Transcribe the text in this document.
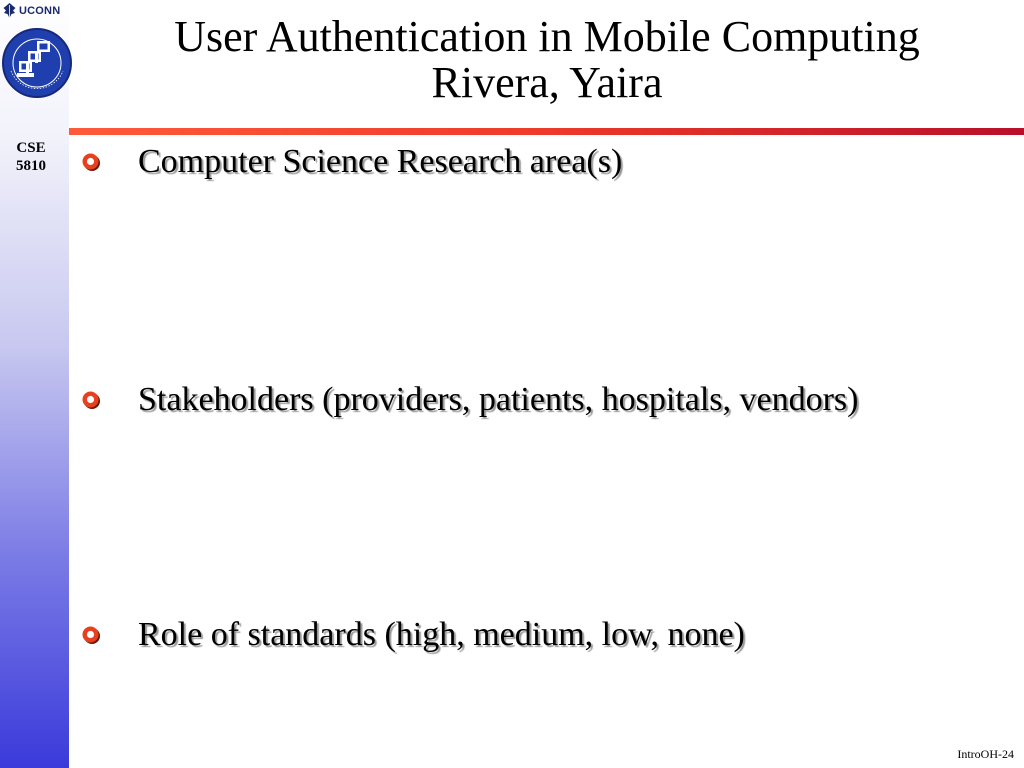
UCONN
CSE
5810
User Authentication in Mobile Computing
Rivera, Yaira
Computer Science Research area(s)
Stakeholders (providers, patients, hospitals, vendors)
Role of standards (high, medium, low, none)
IntroOH-24
